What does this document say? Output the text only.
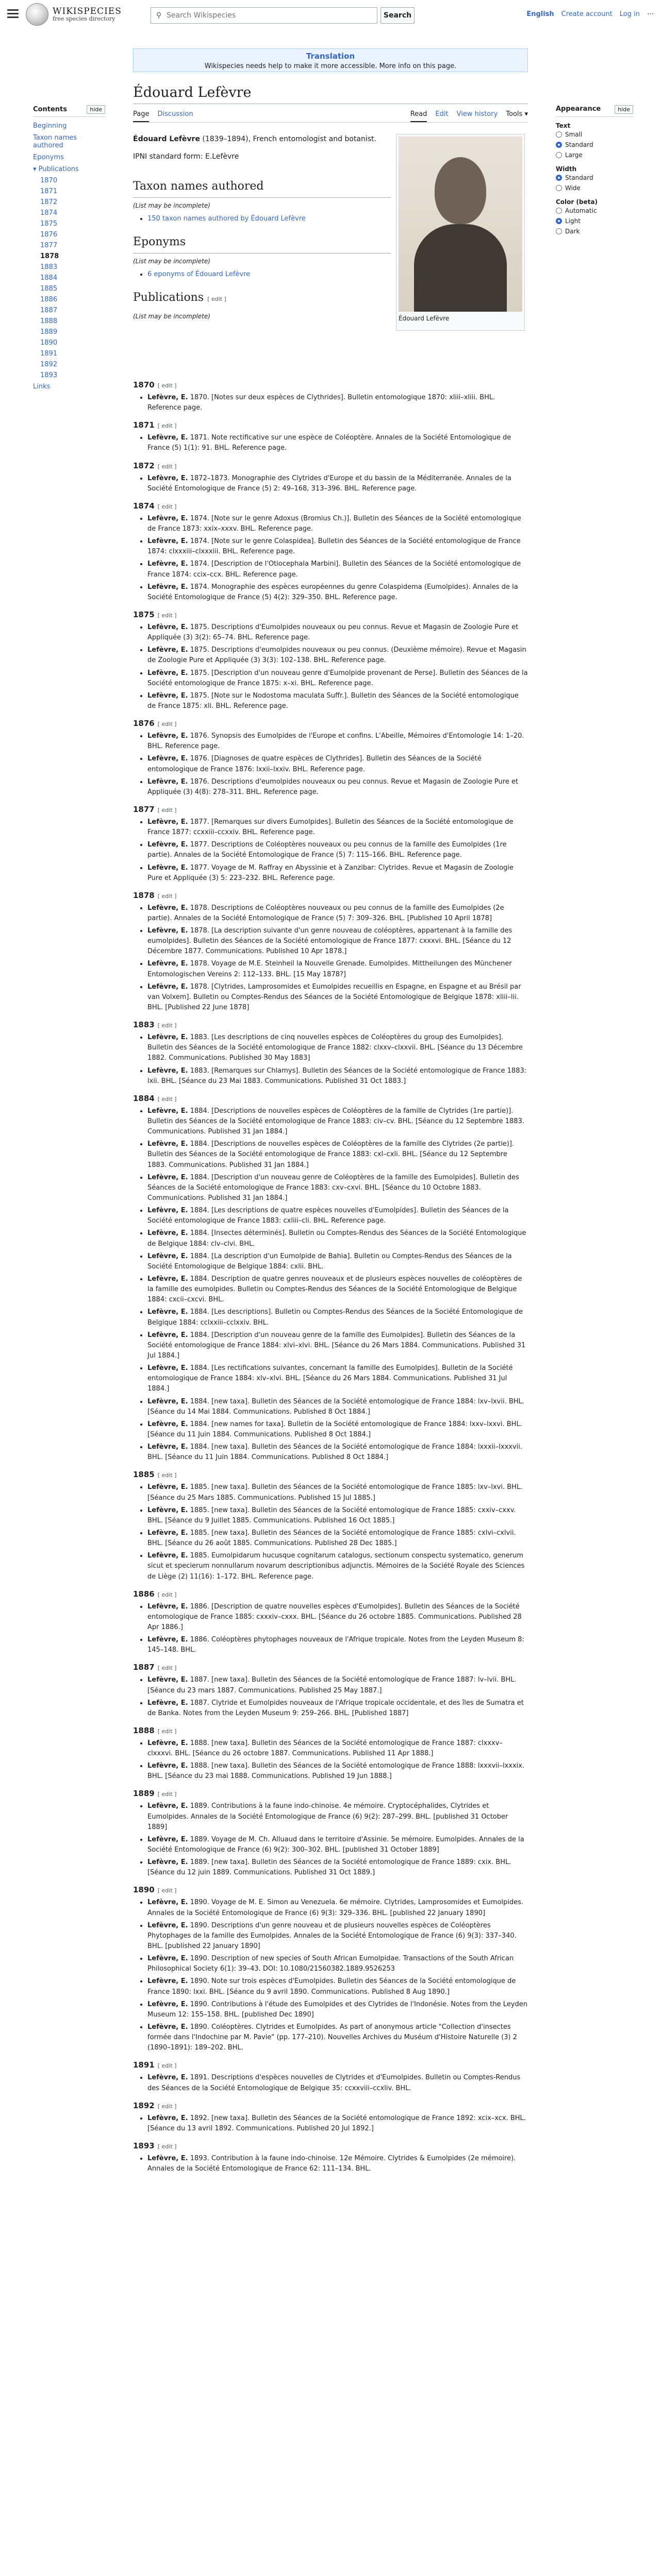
WIKISPECIES
free species directory	⚲
Search Wikispecies	Search	English Create account Log in ⋯
Translation
Wikispecies needs help to make it more accessible. More info on this page.
Contents	hide
Beginning
Taxon names authored
Eponyms
▾ Publications
1870
1871
1872
1874
1875
1876
1877
1878
1883
1884
1885
1886
1887
1888
1889
1890
1891
1892
1893
Links
Édouard Lefèvre
Page Discussion	Read Edit View history Tools ▾
Édouard Lefèvre

Édouard Lefèvre (1839–1894), French entomologist and botanist.

IPNI standard form: E.Lefèvre

Taxon names authored
(List may be incomplete)
• 150 taxon names authored by Édouard Lefèvre
Eponyms
(List may be incomplete)
• 6 eponyms of Édouard Lefèvre
Publications [ edit ]
(List may be incomplete)
1870 [ edit ]
• Lefèvre, E. 1870. [Notes sur deux espèces de Clythrides]. Bulletin entomologique 1870: xliii–xliii. BHL. Reference page.
1871 [ edit ]
• Lefèvre, E. 1871. Note rectificative sur une espèce de Coléoptère. Annales de la Société Entomologique de France (5) 1(1): 91. BHL. Reference page.
1872 [ edit ]
• Lefèvre, E. 1872–1873. Monographie des Clytrides d'Europe et du bassin de la Méditerranée. Annales de la Société Entomologique de France (5) 2: 49–168, 313–396. BHL. Reference page.
1874 [ edit ]
• Lefèvre, E. 1874. [Note sur le genre Adoxus (Bromius Ch.)]. Bulletin des Séances de la Société entomologique de France 1873: xxix–xxxv. BHL. Reference page.
• Lefèvre, E. 1874. [Note sur le genre Colaspidea]. Bulletin des Séances de la Société entomologique de France 1874: clxxxiii–clxxxiii. BHL. Reference page.
• Lefèvre, E. 1874. [Description de l'Otiocephala Marbini]. Bulletin des Séances de la Société entomologique de France 1874: ccix–ccx. BHL. Reference page.
• Lefèvre, E. 1874. Monographie des espèces européennes du genre Colaspidema (Eumolpides). Annales de la Société Entomologique de France (5) 4(2): 329–350. BHL. Reference page.
1875 [ edit ]
• Lefèvre, E. 1875. Descriptions d'Eumolpides nouveaux ou peu connus. Revue et Magasin de Zoologie Pure et Appliquée (3) 3(2): 65–74. BHL. Reference page.
• Lefèvre, E. 1875. Descriptions d'eumolpides nouveaux ou peu connus. (Deuxième mémoire). Revue et Magasin de Zoologie Pure et Appliquée (3) 3(3): 102–138. BHL. Reference page.
• Lefèvre, E. 1875. [Description d'un nouveau genre d'Eumolpide provenant de Perse]. Bulletin des Séances de la Société entomologique de France 1875: x–xi. BHL. Reference page.
• Lefèvre, E. 1875. [Note sur le Nodostoma maculata Suffr.]. Bulletin des Séances de la Société entomologique de France 1875: xli. BHL. Reference page.
1876 [ edit ]
• Lefèvre, E. 1876. Synopsis des Eumolpides de l'Europe et confins. L'Abeille, Mémoires d'Entomologie 14: 1–20. BHL. Reference page.
• Lefèvre, E. 1876. [Diagnoses de quatre espèces de Clythrides]. Bulletin des Séances de la Société entomologique de France 1876: lxxii–lxxiv. BHL. Reference page.
• Lefèvre, E. 1876. Descriptions d'eumolpides nouveaux ou peu connus. Revue et Magasin de Zoologie Pure et Appliquée (3) 4(8): 278–311. BHL. Reference page.
1877 [ edit ]
• Lefèvre, E. 1877. [Remarques sur divers Eumolpides]. Bulletin des Séances de la Société entomologique de France 1877: ccxxiii–ccxxiv. BHL. Reference page.
• Lefèvre, E. 1877. Descriptions de Coléoptères nouveaux ou peu connus de la famille des Eumolpides (1re partie). Annales de la Société Entomologique de France (5) 7: 115–166. BHL. Reference page.
• Lefèvre, E. 1877. Voyage de M. Raffray en Abyssinie et à Zanzibar: Clytrides. Revue et Magasin de Zoologie Pure et Appliquée (3) 5: 223–232. BHL. Reference page.
1878 [ edit ]
• Lefèvre, E. 1878. Descriptions de Coléoptères nouveaux ou peu connus de la famille des Eumolpides (2e partie). Annales de la Société Entomologique de France (5) 7: 309–326. BHL. [Published 10 April 1878]
• Lefèvre, E. 1878. [La description suivante d'un genre nouveau de coléoptères, appartenant à la famille des eumolpides]. Bulletin des Séances de la Société entomologique de France 1877: cxxxvi. BHL. [Séance du 12 Décembre 1877. Communications. Published 10 Apr 1878.]
• Lefèvre, E. 1878. Voyage de M.E. Steinheil la Nouvelle Grenade. Eumolpides. Mittheilungen des Münchener Entomologischen Vereins 2: 112–133. BHL. [15 May 1878?]
• Lefèvre, E. 1878. [Clytrides, Lamprosomides et Eumolpides recueillis en Espagne, en Espagne et au Brésil par van Volxem]. Bulletin ou Comptes-Rendus des Séances de la Société Entomologique de Belgique 1878: xliii–lii. BHL. [Published 22 June 1878]
1883 [ edit ]
• Lefèvre, E. 1883. [Les descriptions de cinq nouvelles espèces de Coléoptères du group des Eumolpides]. Bulletin des Séances de la Société entomologique de France 1882: clxxv–clxxvii. BHL. [Séance du 13 Décembre 1882. Communications. Published 30 May 1883]
• Lefèvre, E. 1883. [Remarques sur Chlamys]. Bulletin des Séances de la Société entomologique de France 1883: lxii. BHL. [Séance du 23 Mai 1883. Communications. Published 31 Oct 1883.]
1884 [ edit ]
• Lefèvre, E. 1884. [Descriptions de nouvelles espèces de Coléoptères de la famille de Clytrides (1re partie)]. Bulletin des Séances de la Société entomologique de France 1883: civ–cv. BHL. [Séance du 12 Septembre 1883. Communications. Published 31 Jan 1884.]
• Lefèvre, E. 1884. [Descriptions de nouvelles espèces de Coléoptères de la famille des Clytrides (2e partie)]. Bulletin des Séances de la Société entomologique de France 1883: cxl–cxli. BHL. [Séance du 12 Septembre 1883. Communications. Published 31 Jan 1884.]
• Lefèvre, E. 1884. [Description d'un nouveau genre de Coléoptères de la famille des Eumolpides]. Bulletin des Séances de la Société entomologique de France 1883: cxv–cxvi. BHL. [Séance du 10 Octobre 1883. Communications. Published 31 Jan 1884.]
• Lefèvre, E. 1884. [Les descriptions de quatre espèces nouvelles d'Eumolpides]. Bulletin des Séances de la Société entomologique de France 1883: cxliii–cli. BHL. Reference page.
• Lefèvre, E. 1884. [Insectes déterminés]. Bulletin ou Comptes-Rendus des Séances de la Société Entomologique de Belgique 1884: clv–clvi. BHL.
• Lefèvre, E. 1884. [La description d'un Eumolpide de Bahia]. Bulletin ou Comptes-Rendus des Séances de la Société Entomologique de Belgique 1884: cxlii. BHL.
• Lefèvre, E. 1884. Description de quatre genres nouveaux et de plusieurs espèces nouvelles de coléoptères de la famille des eumolpides. Bulletin ou Comptes-Rendus des Séances de la Société Entomologique de Belgique 1884: cxcii–cxcvi. BHL.
• Lefèvre, E. 1884. [Les descriptions]. Bulletin ou Comptes-Rendus des Séances de la Société Entomologique de Belgique 1884: cclxxiii–cclxxiv. BHL.
• Lefèvre, E. 1884. [Description d'un nouveau genre de la famille des Eumolpides]. Bulletin des Séances de la Société entomologique de France 1884: xlvi–xlvi. BHL. [Séance du 26 Mars 1884. Communications. Published 31 Jul 1884.]
• Lefèvre, E. 1884. [Les rectifications suivantes, concernant la famille des Eumolpides]. Bulletin de la Société entomologique de France 1884: xlv–xlvi. BHL. [Séance du 26 Mars 1884. Communications. Published 31 Jul 1884.]
• Lefèvre, E. 1884. [new taxa]. Bulletin des Séances de la Société entomologique de France 1884: lxv–lxvii. BHL. [Séance du 14 Mai 1884. Communications. Published 8 Oct 1884.]
• Lefèvre, E. 1884. [new names for taxa]. Bulletin de la Société entomologique de France 1884: lxxv–lxxvi. BHL. [Séance du 11 Juin 1884. Communications. Published 8 Oct 1884.]
• Lefèvre, E. 1884. [new taxa]. Bulletin des Séances de la Société entomologique de France 1884: lxxxii–lxxxvii. BHL. [Séance du 11 Juin 1884. Communications. Published 8 Oct 1884.]
1885 [ edit ]
• Lefèvre, E. 1885. [new taxa]. Bulletin des Séances de la Société entomologique de France 1885: lxv–lxvi. BHL. [Séance du 25 Mars 1885. Communications. Published 15 Jul 1885.]
• Lefèvre, E. 1885. [new taxa]. Bulletin des Séances de la Société entomologique de France 1885: cxxiv–cxxv. BHL. [Séance du 9 Juillet 1885. Communications. Published 16 Oct 1885.]
• Lefèvre, E. 1885. [new taxa]. Bulletin des Séances de la Société entomologique de France 1885: cxlvi–cxlvii. BHL. [Séance du 26 août 1885. Communications. Published 28 Dec 1885.]
• Lefèvre, E. 1885. Eumolpidarum hucusque cognitarum catalogus, sectionum conspectu systematico, generum sicut et specierum nonnullarum novarum descriptionibus adjunctis. Mémoires de la Société Royale des Sciences de Liège (2) 11(16): 1–172. BHL. Reference page.
1886 [ edit ]
• Lefèvre, E. 1886. [Description de quatre nouvelles espèces d'Eumolpides]. Bulletin des Séances de la Société entomologique de France 1885: cxxxiv–cxxx. BHL. [Séance du 26 octobre 1885. Communications. Published 28 Apr 1886.]
• Lefèvre, E. 1886. Coléoptères phytophages nouveaux de l'Afrique tropicale. Notes from the Leyden Museum 8: 145–148. BHL.
1887 [ edit ]
• Lefèvre, E. 1887. [new taxa]. Bulletin des Séances de la Société entomologique de France 1887: lv–lvii. BHL. [Séance du 23 mars 1887. Communications. Published 25 May 1887.]
• Lefèvre, E. 1887. Clytride et Eumolpides nouveaux de l'Afrique tropicale occidentale, et des îles de Sumatra et de Banka. Notes from the Leyden Museum 9: 259–266. BHL. [Published 1887]
1888 [ edit ]
• Lefèvre, E. 1888. [new taxa]. Bulletin des Séances de la Société entomologique de France 1887: clxxxv–clxxxvi. BHL. [Séance du 26 octobre 1887. Communications. Published 11 Apr 1888.]
• Lefèvre, E. 1888. [new taxa]. Bulletin des Séances de la Société entomologique de France 1888: lxxxvii–lxxxix. BHL. [Séance du 23 mai 1888. Communications. Published 19 Jun 1888.]
1889 [ edit ]
• Lefèvre, E. 1889. Contributions à la faune indo-chinoise. 4e mémoire. Cryptocéphalides, Clytrides et Eumolpides. Annales de la Société Entomologique de France (6) 9(2): 287–299. BHL. [published 31 October 1889]
• Lefèvre, E. 1889. Voyage de M. Ch. Alluaud dans le territoire d'Assinie. 5e mémoire. Eumolpides. Annales de la Société Entomologique de France (6) 9(2): 300–302. BHL. [published 31 October 1889]
• Lefèvre, E. 1889. [new taxa]. Bulletin des Séances de la Société entomologique de France 1889: cxix. BHL. [Séance du 12 juin 1889. Communications. Published 31 Oct 1889.]
1890 [ edit ]
• Lefèvre, E. 1890. Voyage de M. E. Simon au Venezuela. 6e mémoire. Clytrides, Lamprosomides et Eumolpides. Annales de la Société Entomologique de France (6) 9(3): 329–336. BHL. [published 22 January 1890]
• Lefèvre, E. 1890. Descriptions d'un genre nouveau et de plusieurs nouvelles espèces de Coléoptères Phytophages de la famille des Eumolpides. Annales de la Société Entomologique de France (6) 9(3): 337–340. BHL. [published 22 January 1890]
• Lefèvre, E. 1890. Description of new species of South African Eumolpidae. Transactions of the South African Philosophical Society 6(1): 39–43. DOI: 10.1080/21560382.1889.9526253
• Lefèvre, E. 1890. Note sur trois espèces d'Eumolpides. Bulletin des Séances de la Société entomologique de France 1890: lxxi. BHL. [Séance du 9 avril 1890. Communications. Published 8 Aug 1890.]
• Lefèvre, E. 1890. Contributions à l'étude des Eumolpides et des Clytrides de l'Indonésie. Notes from the Leyden Museum 12: 155–158. BHL. [published Dec 1890]
• Lefèvre, E. 1890. Coléoptères. Clytrides et Eumolpides. As part of anonymous article "Collection d'insectes formée dans l'Indochine par M. Pavie" (pp. 177–210). Nouvelles Archives du Muséum d'Histoire Naturelle (3) 2 (1890–1891): 189–202. BHL.
1891 [ edit ]
• Lefèvre, E. 1891. Descriptions d'espèces nouvelles de Clytrides et d'Eumolpides. Bulletin ou Comptes-Rendus des Séances de la Société Entomologique de Belgique 35: ccxxviii–ccxliv. BHL.
1892 [ edit ]
• Lefèvre, E. 1892. [new taxa]. Bulletin des Séances de la Société entomologique de France 1892: xcix–xcx. BHL. [Séance du 13 avril 1892. Communications. Published 20 Jul 1892.]
1893 [ edit ]
• Lefèvre, E. 1893. Contribution à la faune indo-chinoise. 12e Mémoire. Clytrides & Eumolpides (2e mémoire). Annales de la Société Entomologique de France 62: 111–134. BHL.
Appearance	hide
Text
Small
Standard
Large
Width
Standard
Wide
Color (beta)
Automatic
Light
Dark
